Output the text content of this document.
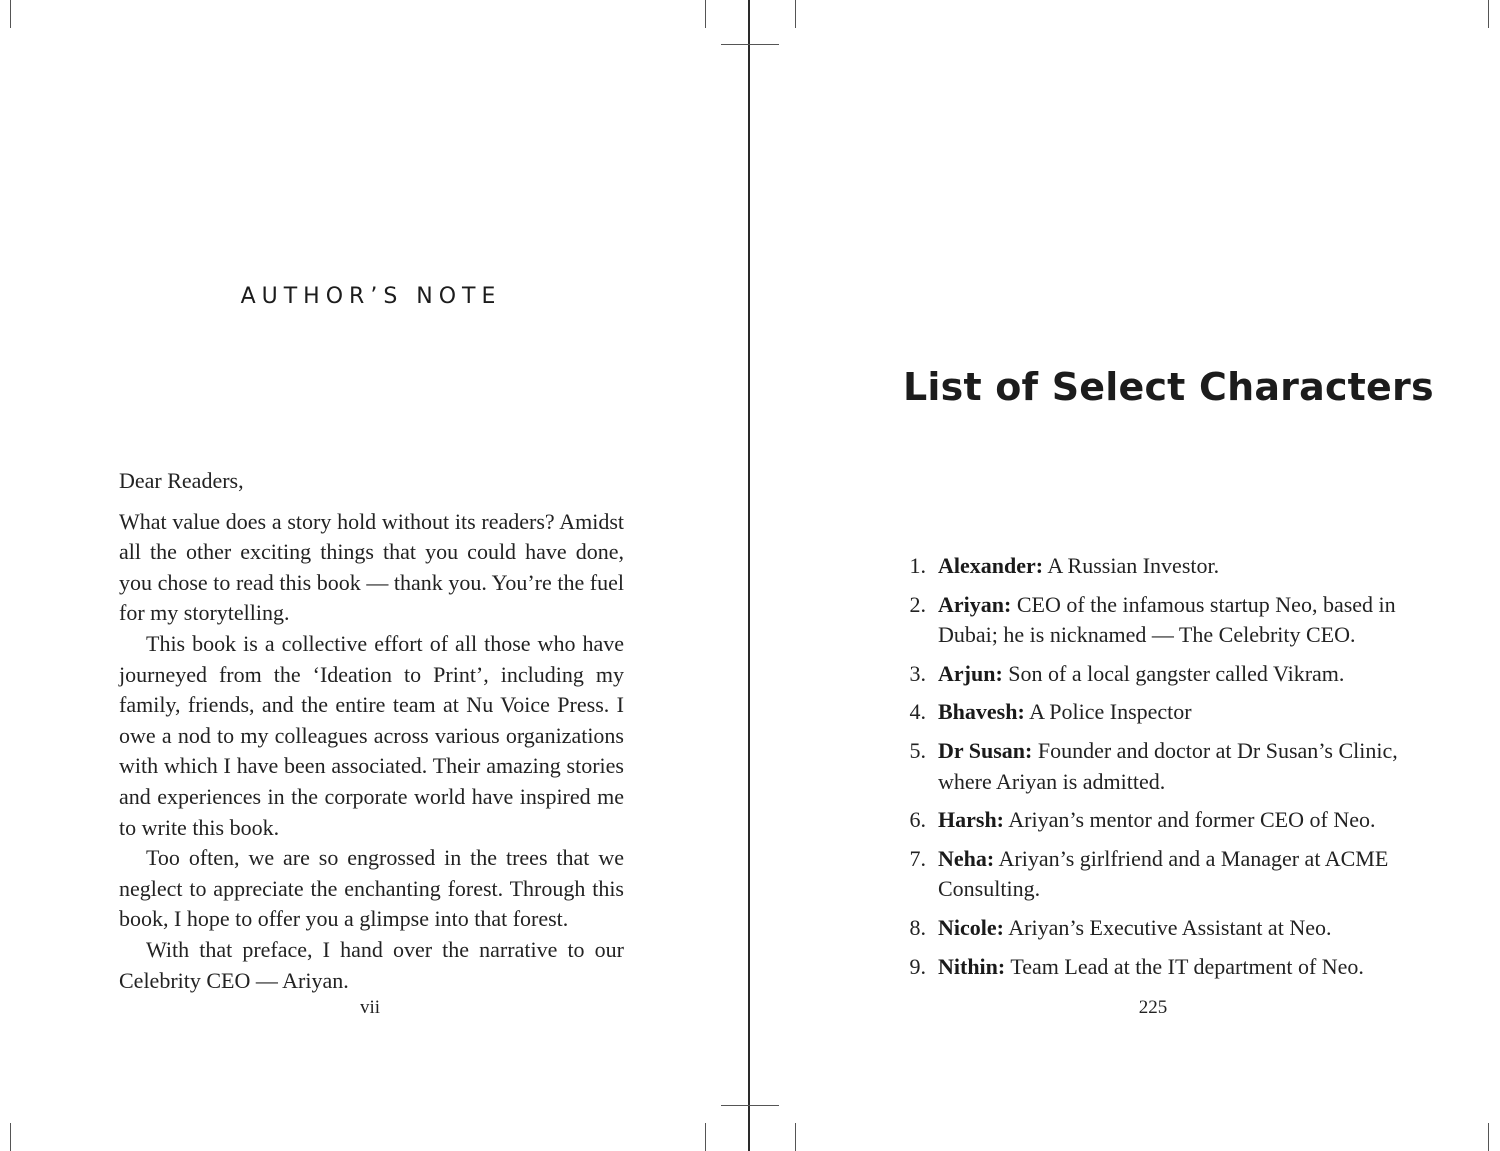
AUTHOR’S NOTE

Dear Readers,

What value does a story hold without its readers? Amidst all the other exciting things that you could have done, you chose to read this book — thank you. You’re the fuel for my storytelling.

This book is a collective effort of all those who have journeyed from the ‘Ideation to Print’, including my family, friends, and the entire team at Nu Voice Press. I owe a nod to my colleagues across various organizations with which I have been associated. Their amazing stories and experiences in the corporate world have inspired me to write this book.

Too often, we are so engrossed in the trees that we neglect to appreciate the enchanting forest. Through this book, I hope to offer you a glimpse into that forest.

With that preface, I hand over the narrative to our Celebrity CEO — Ariyan.

vii
List of Select Characters
1. Alexander: A Russian Investor.
2. Ariyan: CEO of the infamous startup Neo, based in Dubai; he is nicknamed — The Celebrity CEO.
3. Arjun: Son of a local gangster called Vikram.
4. Bhavesh: A Police Inspector
5. Dr Susan: Founder and doctor at Dr Susan’s Clinic, where Ariyan is admitted.
6. Harsh: Ariyan’s mentor and former CEO of Neo.
7. Neha: Ariyan’s girlfriend and a Manager at ACME Consulting.
8. Nicole: Ariyan’s Executive Assistant at Neo.
9. Nithin: Team Lead at the IT department of Neo.
225
